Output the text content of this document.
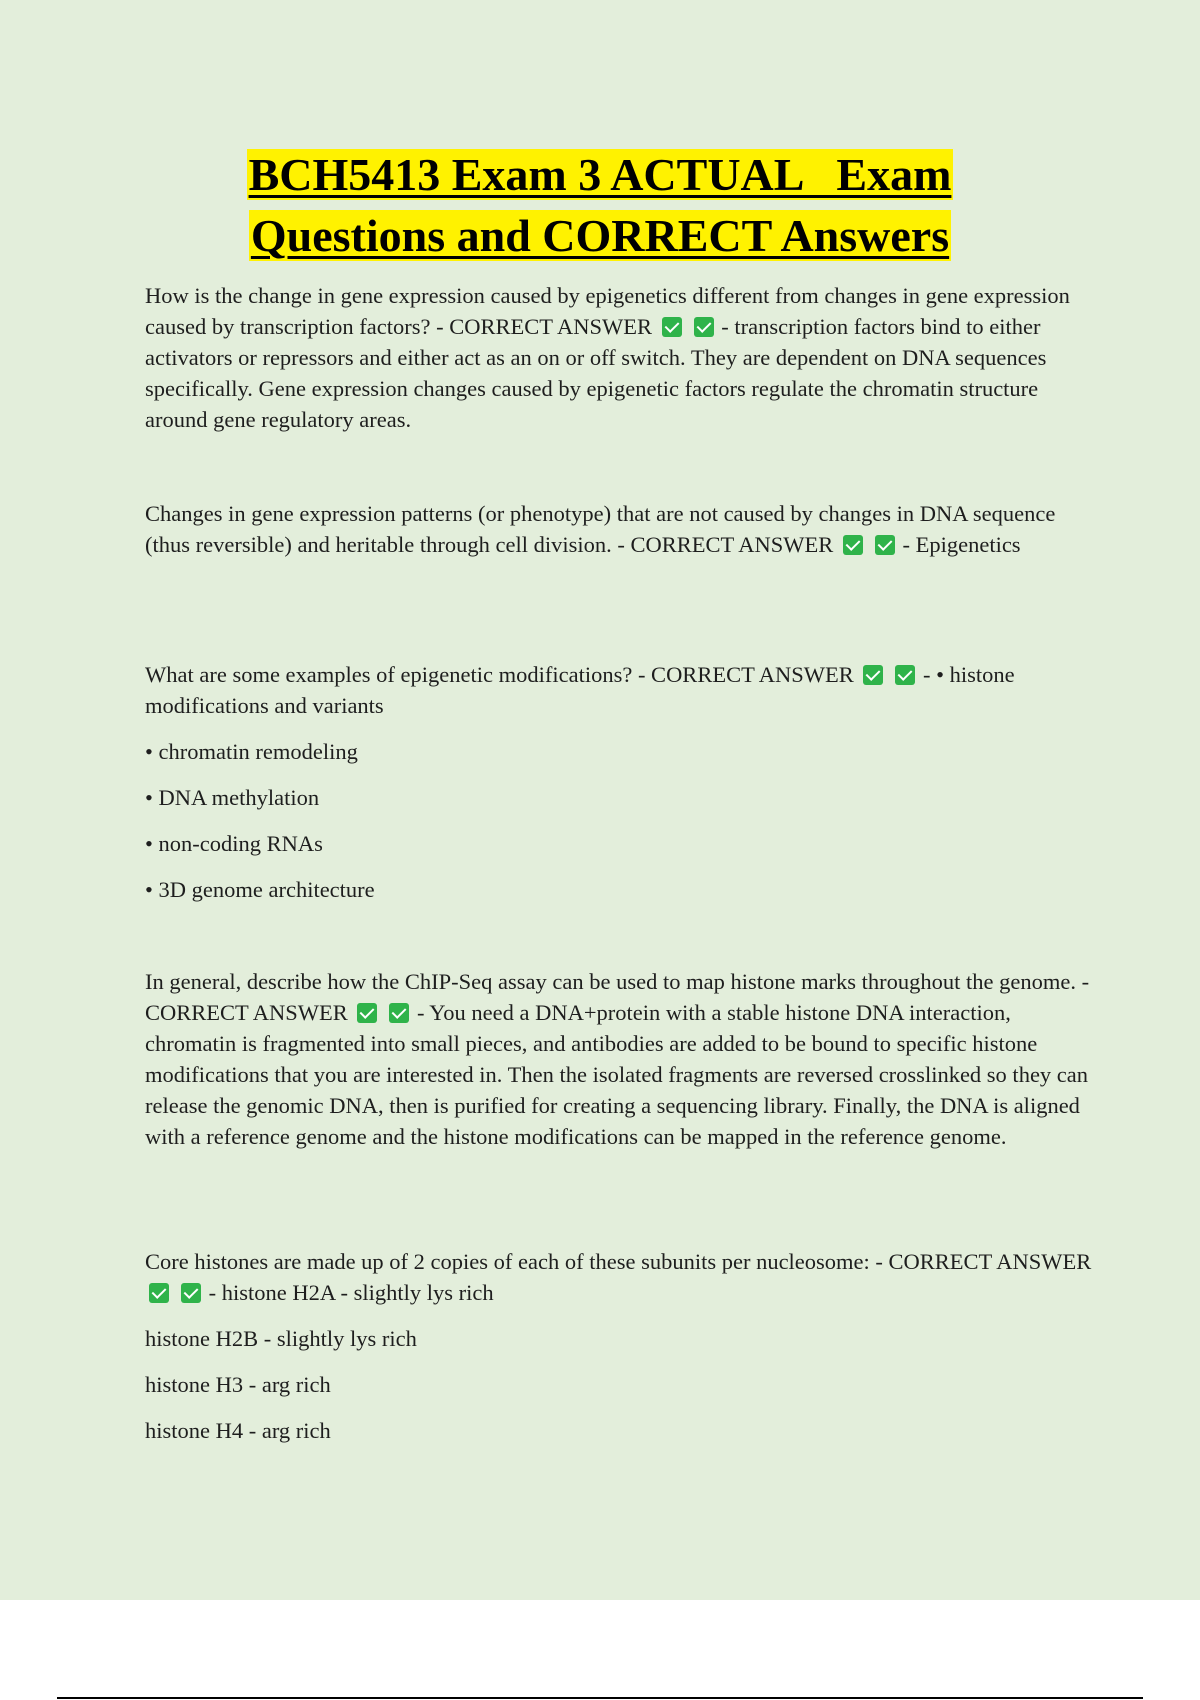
BCH5413 Exam 3 ACTUAL   Exam
Questions and CORRECT Answers

How is the change in gene expression caused by epigenetics different from changes in gene expression caused by transcription factors? - CORRECT ANSWER	- transcription factors bind to either activators or repressors and either act as an on or off switch. They are dependent on DNA sequences specifically. Gene expression changes caused by epigenetic factors regulate the chromatin structure around gene regulatory areas.

Changes in gene expression patterns (or phenotype) that are not caused by changes in DNA sequence (thus reversible) and heritable through cell division. - CORRECT ANSWER	- Epigenetics

What are some examples of epigenetic modifications? - CORRECT ANSWER	- • histone modifications and variants

• chromatin remodeling

• DNA methylation

• non-coding RNAs

• 3D genome architecture

In general, describe how the ChIP-Seq assay can be used to map histone marks throughout the genome. - CORRECT ANSWER	- You need a DNA+protein with a stable histone DNA interaction, chromatin is fragmented into small pieces, and antibodies are added to be bound to specific histone modifications that you are interested in. Then the isolated fragments are reversed crosslinked so they can release the genomic DNA, then is purified for creating a sequencing library. Finally, the DNA is aligned with a reference genome and the histone modifications can be mapped in the reference genome.

Core histones are made up of 2 copies of each of these subunits per nucleosome: - CORRECT ANSWER  - histone H2A - slightly lys rich

histone H2B - slightly lys rich

histone H3 - arg rich

histone H4 - arg rich
